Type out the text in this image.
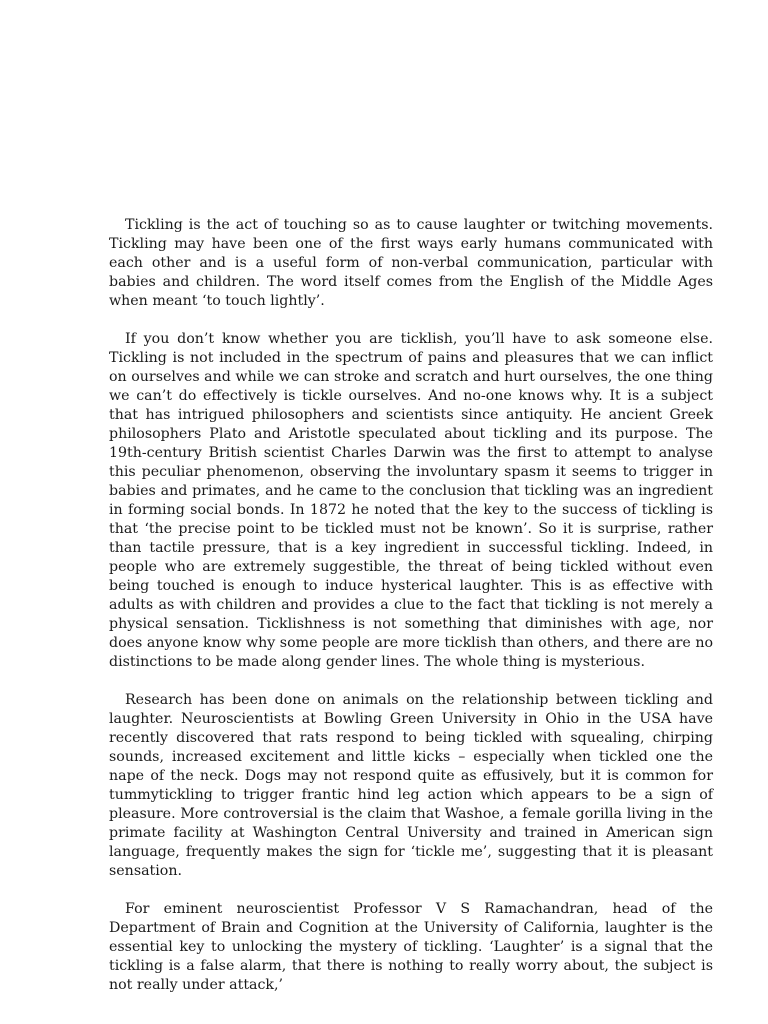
Tickling is the act of touching so as to cause laughter or twitching movements. Tickling may have been one of the first ways early humans communicated with each other and is a useful form of non-verbal communication, particular with babies and children. The word itself comes from the English of the Middle Ages when meant ‘to touch lightly’.

If you don’t know whether you are ticklish, you’ll have to ask someone else. Tickling is not included in the spectrum of pains and pleasures that we can inflict on ourselves and while we can stroke and scratch and hurt ourselves, the one thing we can’t do effectively is tickle ourselves. And no-one knows why. It is a subject that has intrigued philosophers and scientists since antiquity. He ancient Greek philosophers Plato and Aristotle speculated about tickling and its purpose. The 19th-century British scientist Charles Darwin was the first to attempt to analyse this peculiar phenomenon, observing the involuntary spasm it seems to trigger in babies and primates, and he came to the conclusion that tickling was an ingredient in forming social bonds. In 1872 he noted that the key to the success of tickling is that ‘the precise point to be tickled must not be known’. So it is surprise, rather than tactile pressure, that is a key ingredient in successful tickling. Indeed, in people who are extremely suggestible, the threat of being tickled without even being touched is enough to induce hysterical laughter. This is as effective with adults as with children and provides a clue to the fact that tickling is not merely a physical sensation. Ticklishness is not something that diminishes with age, nor does anyone know why some people are more ticklish than others, and there are no distinctions to be made along gender lines. The whole thing is mysterious.

Research has been done on animals on the relationship between tickling and laughter. Neuroscientists at Bowling Green University in Ohio in the USA have recently discovered that rats respond to being tickled with squealing, chirping sounds, increased excitement and little kicks – especially when tickled one the nape of the neck. Dogs may not respond quite as effusively, but it is common for tummytickling to trigger frantic hind leg action which appears to be a sign of pleasure. More controversial is the claim that Washoe, a female gorilla living in the primate facility at Washington Central University and trained in American sign language, frequently makes the sign for ‘tickle me’, suggesting that it is pleasant sensation.

For eminent neuroscientist Professor V S Ramachandran, head of the Department of Brain and Cognition at the University of California, laughter is the essential key to unlocking the mystery of tickling. ‘Laughter’ is a signal that the tickling is a false alarm, that there is nothing to really worry about, the subject is not really under attack,’
